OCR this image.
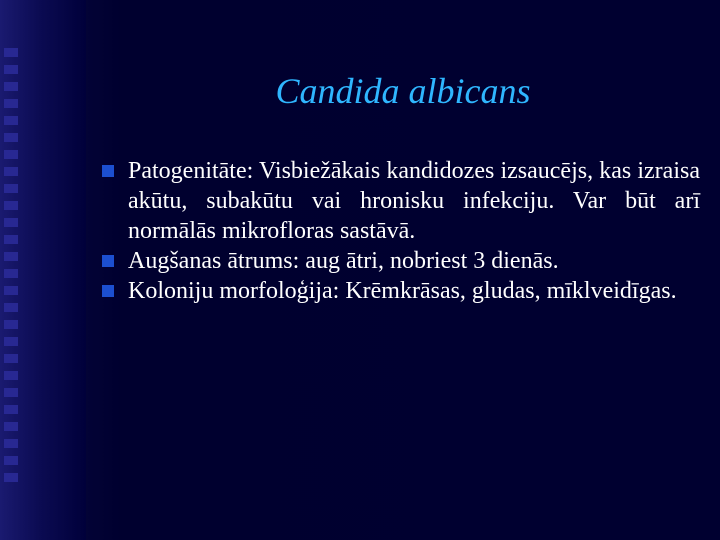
Candida albicans
Patogenitāte: Visbiežākais kandidozes izsaucējs, kas izraisa akūtu, subakūtu vai hronisku infekciju. Var būt arī normālās mikrofloras sastāvā.
Augšanas ātrums: aug ātri, nobriest 3 dienās.
Koloniju morfoloģija: Krēmkrāsas, gludas, mīklveidīgas.
